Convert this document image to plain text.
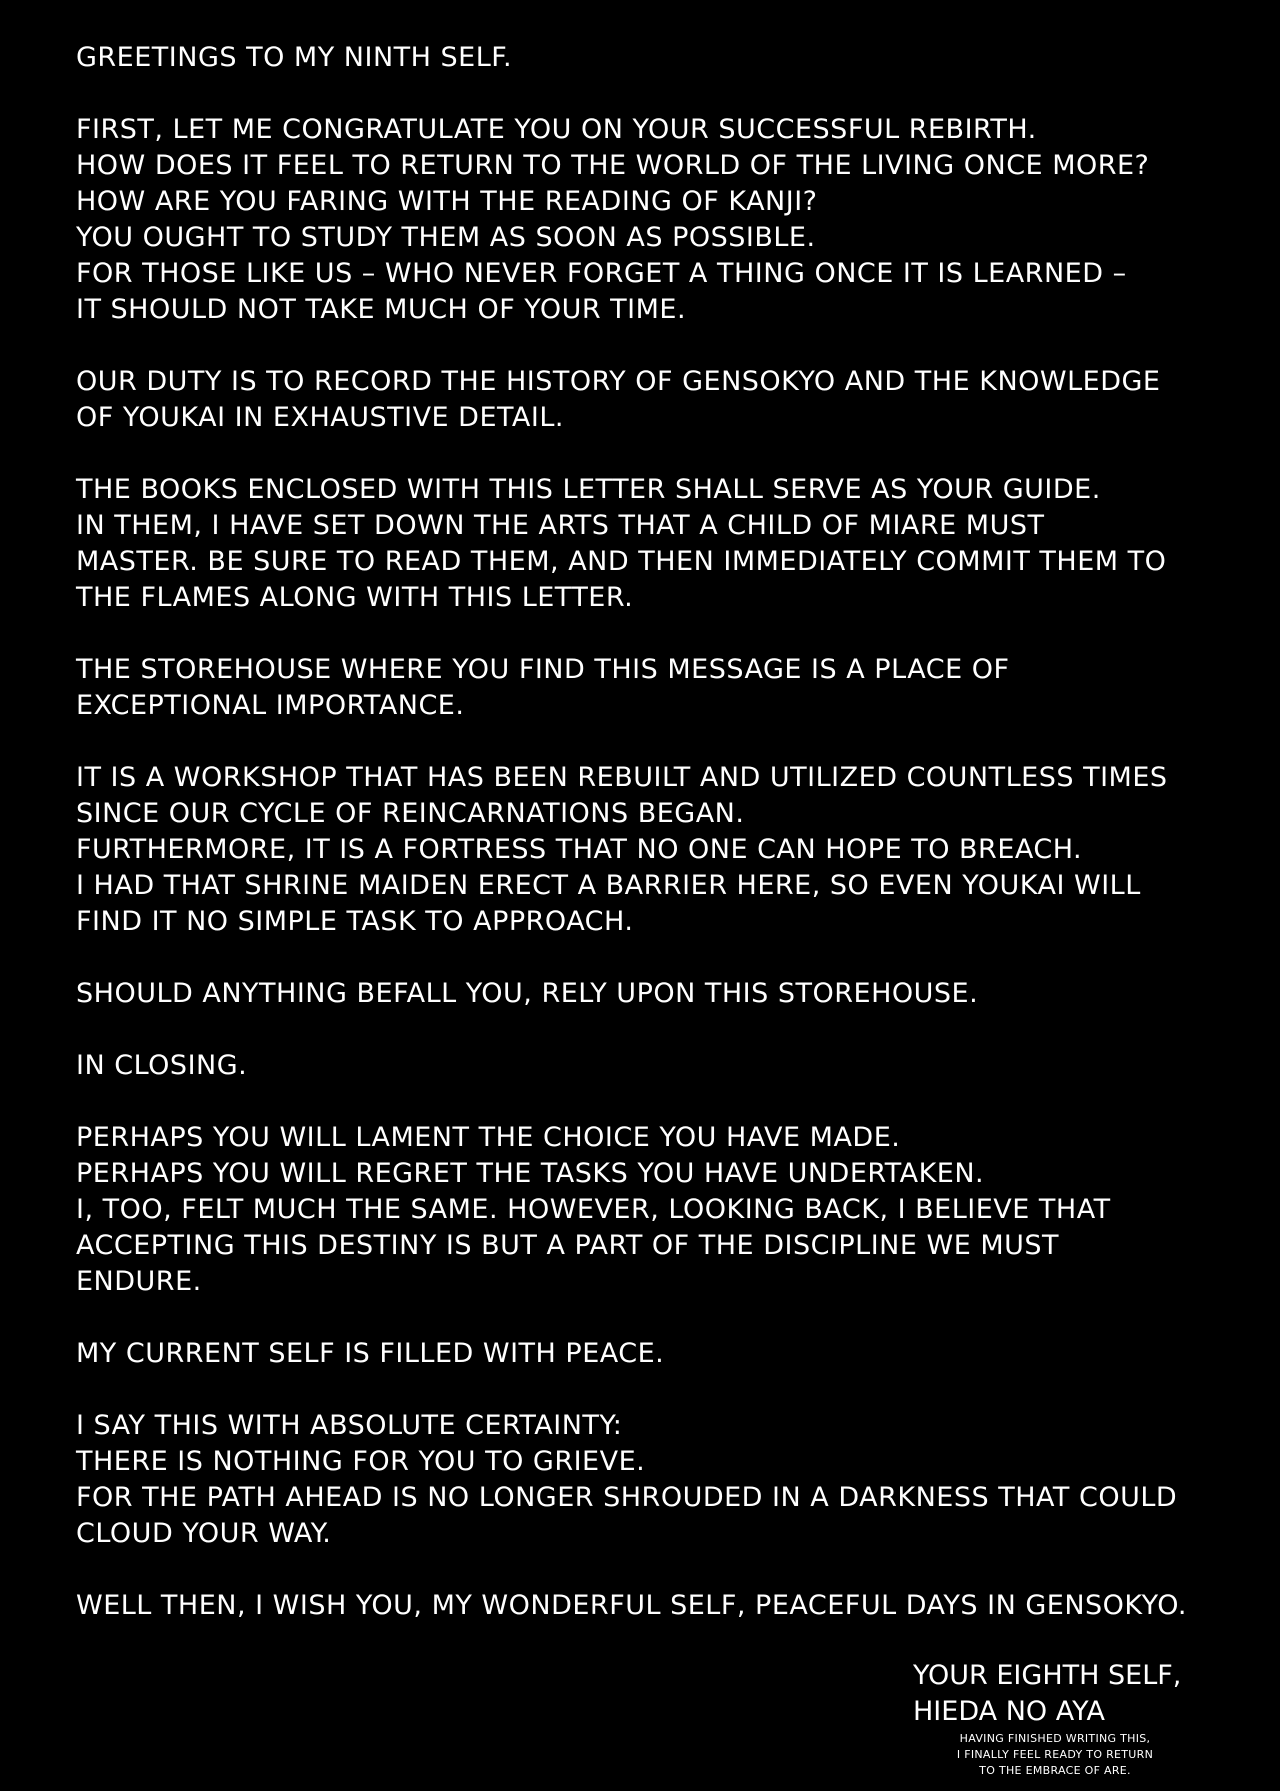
GREETINGS TO MY NINTH SELF.
FIRST, LET ME CONGRATULATE YOU ON YOUR SUCCESSFUL REBIRTH.
HOW DOES IT FEEL TO RETURN TO THE WORLD OF THE LIVING ONCE MORE?
HOW ARE YOU FARING WITH THE READING OF KANJI?
YOU OUGHT TO STUDY THEM AS SOON AS POSSIBLE.
FOR THOSE LIKE US – WHO NEVER FORGET A THING ONCE IT IS LEARNED –
IT SHOULD NOT TAKE MUCH OF YOUR TIME.
OUR DUTY IS TO RECORD THE HISTORY OF GENSOKYO AND THE KNOWLEDGE
OF YOUKAI IN EXHAUSTIVE DETAIL.
THE BOOKS ENCLOSED WITH THIS LETTER SHALL SERVE AS YOUR GUIDE.
IN THEM, I HAVE SET DOWN THE ARTS THAT A CHILD OF MIARE MUST
MASTER. BE SURE TO READ THEM, AND THEN IMMEDIATELY COMMIT THEM TO
THE FLAMES ALONG WITH THIS LETTER.
THE STOREHOUSE WHERE YOU FIND THIS MESSAGE IS A PLACE OF
EXCEPTIONAL IMPORTANCE.
IT IS A WORKSHOP THAT HAS BEEN REBUILT AND UTILIZED COUNTLESS TIMES
SINCE OUR CYCLE OF REINCARNATIONS BEGAN.
FURTHERMORE, IT IS A FORTRESS THAT NO ONE CAN HOPE TO BREACH.
I HAD THAT SHRINE MAIDEN ERECT A BARRIER HERE, SO EVEN YOUKAI WILL
FIND IT NO SIMPLE TASK TO APPROACH.
SHOULD ANYTHING BEFALL YOU, RELY UPON THIS STOREHOUSE.
IN CLOSING.
PERHAPS YOU WILL LAMENT THE CHOICE YOU HAVE MADE.
PERHAPS YOU WILL REGRET THE TASKS YOU HAVE UNDERTAKEN.
I, TOO, FELT MUCH THE SAME. HOWEVER, LOOKING BACK, I BELIEVE THAT
ACCEPTING THIS DESTINY IS BUT A PART OF THE DISCIPLINE WE MUST
ENDURE.
MY CURRENT SELF IS FILLED WITH PEACE.
I SAY THIS WITH ABSOLUTE CERTAINTY:
THERE IS NOTHING FOR YOU TO GRIEVE.
FOR THE PATH AHEAD IS NO LONGER SHROUDED IN A DARKNESS THAT COULD
CLOUD YOUR WAY.
WELL THEN, I WISH YOU, MY WONDERFUL SELF, PEACEFUL DAYS IN GENSOKYO.
YOUR EIGHTH SELF,
HIEDA NO AYA
HAVING FINISHED WRITING THIS,
I FINALLY FEEL READY TO RETURN
TO THE EMBRACE OF ARE.
